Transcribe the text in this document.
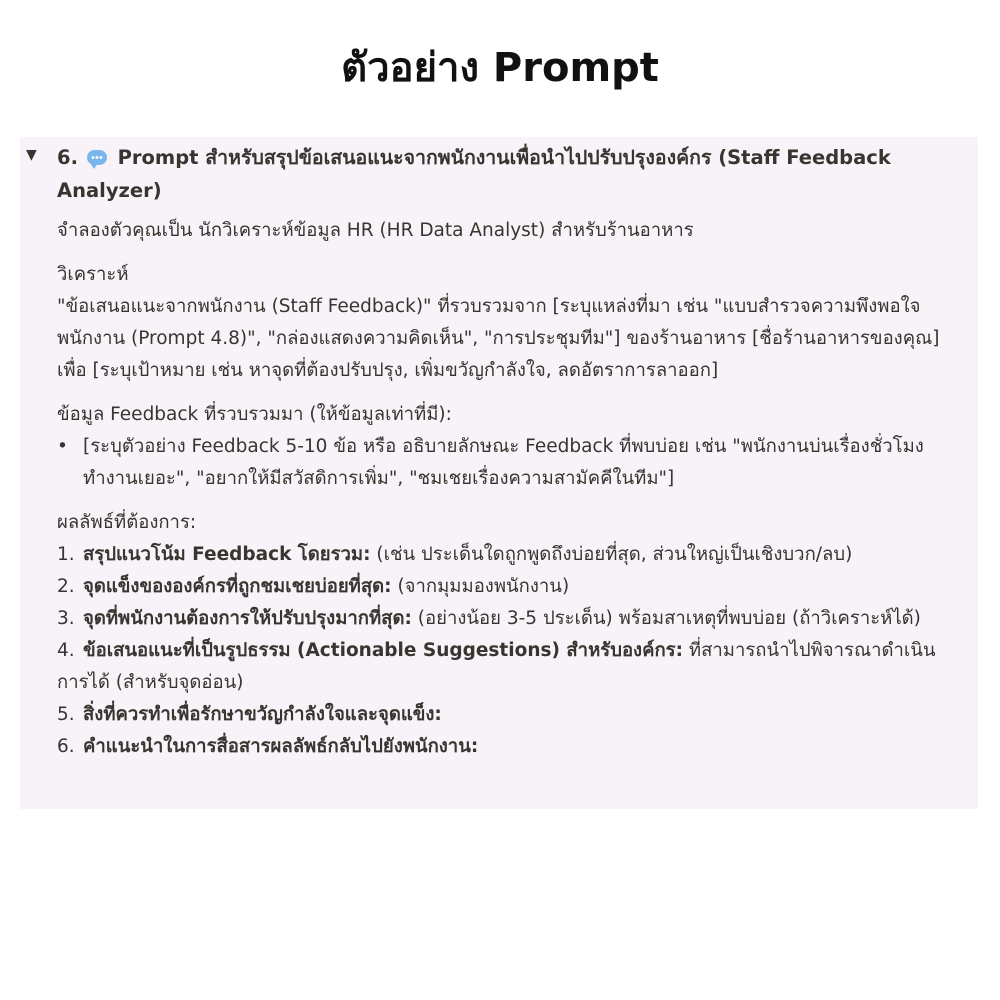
ตัวอย่าง Prompt
▼ 6. Prompt สำหรับสรุปข้อเสนอแนะจากพนักงานเพื่อนำไปปรับปรุงองค์กร (Staff Feedback Analyzer)

จำลองตัวคุณเป็น นักวิเคราะห์ข้อมูล HR (HR Data Analyst) สำหรับร้านอาหาร

วิเคราะห์

"ข้อเสนอแนะจากพนักงาน (Staff Feedback)" ที่รวบรวมจาก [ระบุแหล่งที่มา เช่น "แบบสำรวจความพึงพอใจพนักงาน (Prompt 4.8)", "กล่องแสดงความคิดเห็น", "การประชุมทีม"] ของร้านอาหาร [ชื่อร้านอาหารของคุณ] เพื่อ [ระบุเป้าหมาย เช่น หาจุดที่ต้องปรับปรุง, เพิ่มขวัญกำลังใจ, ลดอัตราการลาออก]

ข้อมูล Feedback ที่รวบรวมมา (ให้ข้อมูลเท่าที่มี):

• [ระบุตัวอย่าง Feedback 5-10 ข้อ หรือ อธิบายลักษณะ Feedback ที่พบบ่อย เช่น "พนักงานบ่นเรื่องชั่วโมงทำงานเยอะ", "อยากให้มีสวัสดิการเพิ่ม", "ชมเชยเรื่องความสามัคคีในทีม"]

ผลลัพธ์ที่ต้องการ:

1. สรุปแนวโน้ม Feedback โดยรวม: (เช่น ประเด็นใดถูกพูดถึงบ่อยที่สุด, ส่วนใหญ่เป็นเชิงบวก/ลบ)
2. จุดแข็งขององค์กรที่ถูกชมเชยบ่อยที่สุด: (จากมุมมองพนักงาน)
3. จุดที่พนักงานต้องการให้ปรับปรุงมากที่สุด: (อย่างน้อย 3-5 ประเด็น) พร้อมสาเหตุที่พบบ่อย (ถ้าวิเคราะห์ได้)
4. ข้อเสนอแนะที่เป็นรูปธรรม (Actionable Suggestions) สำหรับองค์กร: ที่สามารถนำไปพิจารณาดำเนินการได้ (สำหรับจุดอ่อน)
5. สิ่งที่ควรทำเพื่อรักษาขวัญกำลังใจและจุดแข็ง:
6. คำแนะนำในการสื่อสารผลลัพธ์กลับไปยังพนักงาน:
